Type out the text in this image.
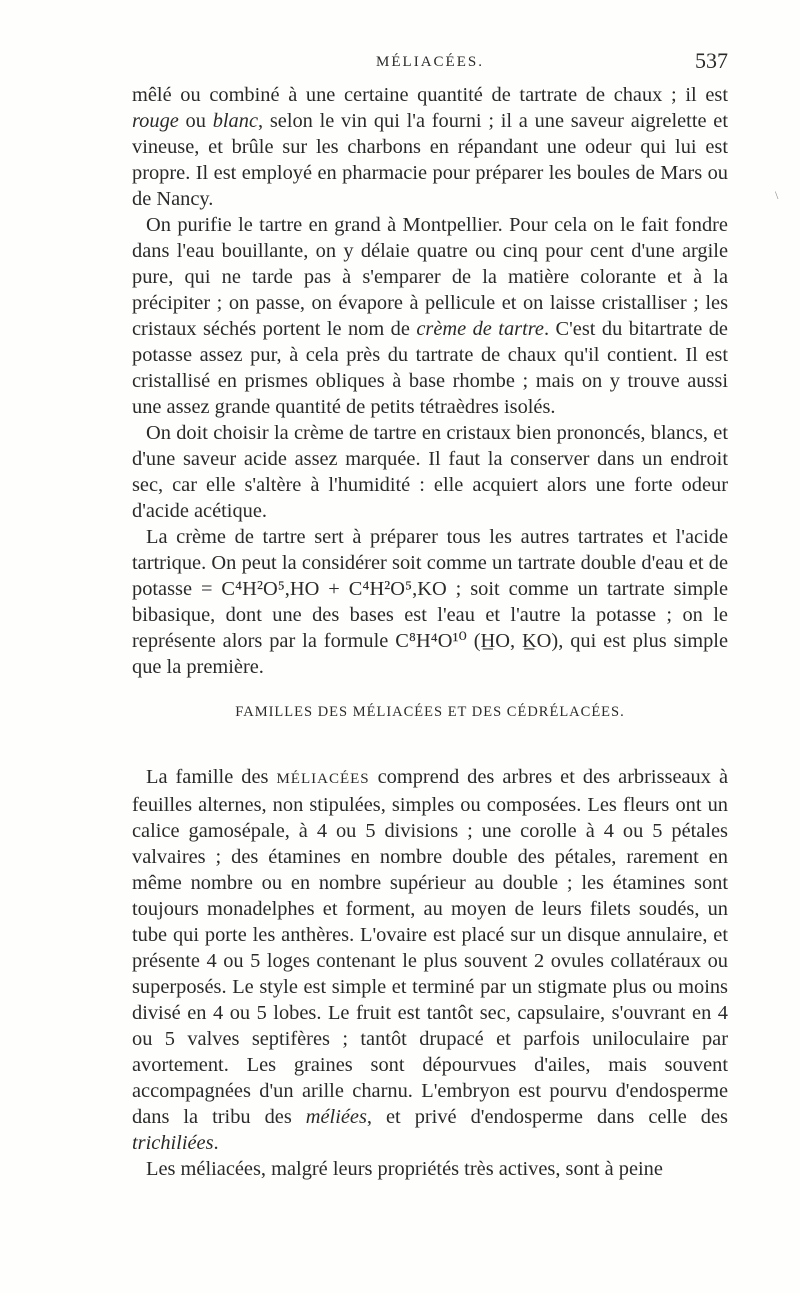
MÉLIACÉES.	537
\

mêlé ou combiné à une certaine quantité de tartrate de chaux ; il est rouge ou blanc, selon le vin qui l'a fourni ; il a une saveur aigrelette et vineuse, et brûle sur les charbons en répandant une odeur qui lui est propre. Il est employé en pharmacie pour préparer les boules de Mars ou de Nancy.

On purifie le tartre en grand à Montpellier. Pour cela on le fait fondre dans l'eau bouillante, on y délaie quatre ou cinq pour cent d'une argile pure, qui ne tarde pas à s'emparer de la matière colorante et à la précipiter ; on passe, on évapore à pellicule et on laisse cristalliser ; les cristaux séchés portent le nom de crème de tartre. C'est du bitartrate de potasse assez pur, à cela près du tartrate de chaux qu'il contient. Il est cristallisé en prismes obliques à base rhombe ; mais on y trouve aussi une assez grande quantité de petits tétraèdres isolés.

On doit choisir la crème de tartre en cristaux bien prononcés, blancs, et d'une saveur acide assez marquée. Il faut la conserver dans un endroit sec, car elle s'altère à l'humidité : elle acquiert alors une forte odeur d'acide acétique.

La crème de tartre sert à préparer tous les autres tartrates et l'acide tartrique. On peut la considérer soit comme un tartrate double d'eau et de potasse = C⁴H²O⁵,HO + C⁴H²O⁵,KO ; soit comme un tartrate simple bibasique, dont une des bases est l'eau et l'autre la potasse ; on le représente alors par la formule C⁸H⁴O¹⁰ (H̲O, K̲O), qui est plus simple que la première.

FAMILLES DES MÉLIACÉES ET DES CÉDRÉLACÉES.

La famille des MÉLIACÉES comprend des arbres et des arbrisseaux à feuilles alternes, non stipulées, simples ou composées. Les fleurs ont un calice gamosépale, à 4 ou 5 divisions ; une corolle à 4 ou 5 pétales valvaires ; des étamines en nombre double des pétales, rarement en même nombre ou en nombre supérieur au double ; les étamines sont toujours monadelphes et forment, au moyen de leurs filets soudés, un tube qui porte les anthères. L'ovaire est placé sur un disque annulaire, et présente 4 ou 5 loges contenant le plus souvent 2 ovules collatéraux ou superposés. Le style est simple et terminé par un stigmate plus ou moins divisé en 4 ou 5 lobes. Le fruit est tantôt sec, capsulaire, s'ouvrant en 4 ou 5 valves septifères ; tantôt drupacé et parfois uniloculaire par avortement. Les graines sont dépourvues d'ailes, mais souvent accompagnées d'un arille charnu. L'embryon est pourvu d'endosperme dans la tribu des méliées, et privé d'endosperme dans celle des trichiliées.

Les méliacées, malgré leurs propriétés très actives, sont à peine
